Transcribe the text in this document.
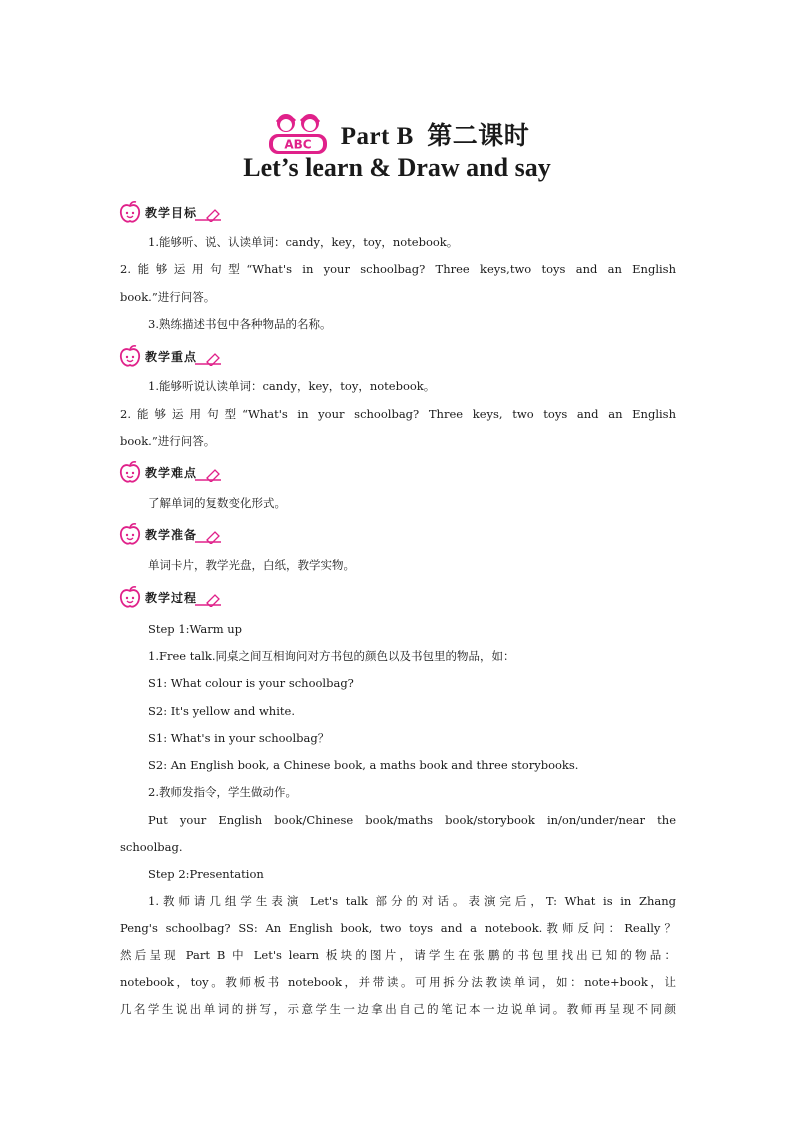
ABC Part B  第二课时
Let’s learn & Draw and say
教学目标
1.能够听、说、认读单词：candy，key，toy，notebook。
2.能够运用句型“What's in your schoolbag? Three keys,two toys and an English
book.”进行问答。
3.熟练描述书包中各种物品的名称。
教学重点
1.能够听说认读单词：candy，key，toy，notebook。
2.能够运用句型“What's in your schoolbag? Three keys, two toys and an English
book.”进行问答。
教学难点
了解单词的复数变化形式。
教学准备
单词卡片，教学光盘，白纸，教学实物。
教学过程
Step 1:Warm up
1.Free talk.同桌之间互相询问对方书包的颜色以及书包里的物品，如：
S1: What colour is your schoolbag?
S2: It's yellow and white.
S1: What's in your schoolbag？
S2: An English book, a Chinese book, a maths book and three storybooks.
2.教师发指令，学生做动作。
Put your English book/Chinese book/maths book/storybook in/on/under/near the
schoolbag.
Step 2:Presentation
1.教师请几组学生表演 Let's talk 部分的对话。表演完后，T: What is in Zhang
Peng's schoolbag? SS: An English book, two toys and a notebook.教师反问：Really？
然后呈现 Part B 中 Let's learn 板块的图片，请学生在张鹏的书包里找出已知的物品：
notebook，toy。教师板书 notebook，并带读。可用拆分法教读单词，如：note+book，让
几名学生说出单词的拼写，示意学生一边拿出自己的笔记本一边说单词。教师再呈现不同颜
